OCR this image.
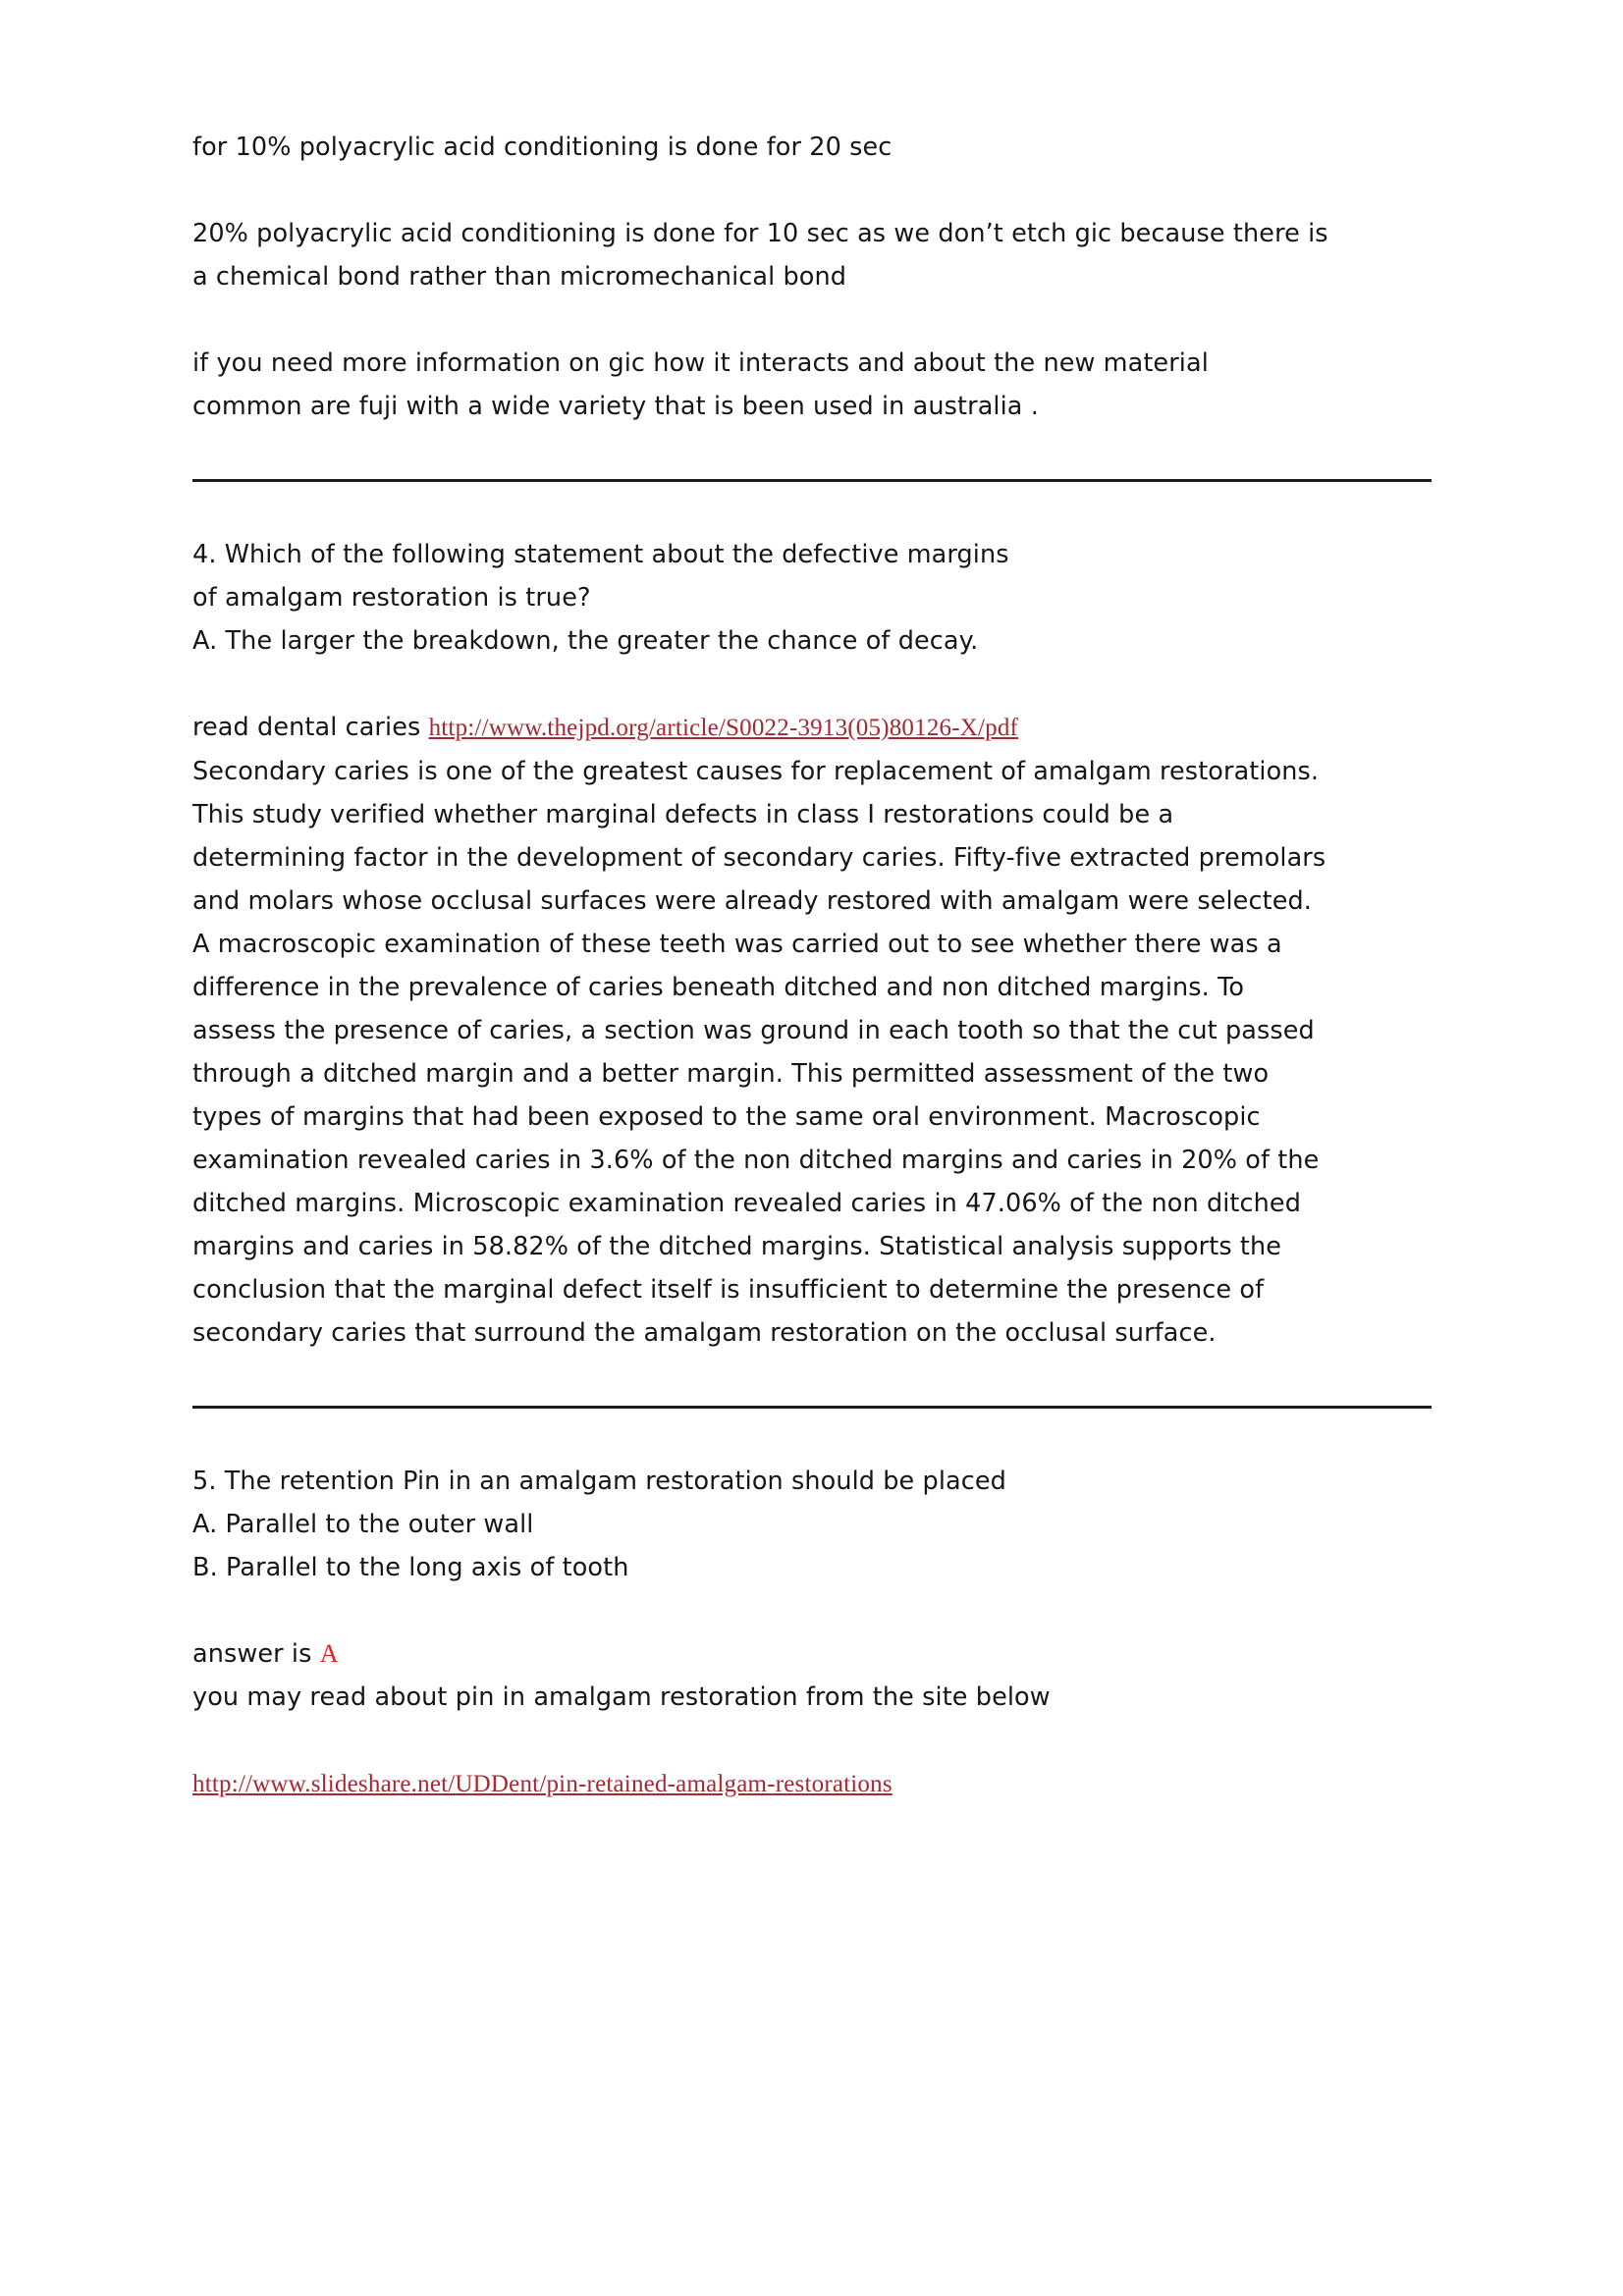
for 10% polyacrylic acid conditioning is done for 20 sec
20% polyacrylic acid conditioning is done for 10 sec as we don’t etch gic because there is
a chemical bond rather than micromechanical bond
if you need more information on gic how it interacts and about the new material
common are fuji with a wide variety that is been used in australia .
4. Which of the following statement about the defective margins
of amalgam restoration is true?
A. The larger the breakdown, the greater the chance of decay.
read dental caries http://www.thejpd.org/article/S0022-3913(05)80126-X/pdf
Secondary caries is one of the greatest causes for replacement of amalgam restorations.
This study verified whether marginal defects in class I restorations could be a
determining factor in the development of secondary caries. Fifty-five extracted premolars
and molars whose occlusal surfaces were already restored with amalgam were selected.
A macroscopic examination of these teeth was carried out to see whether there was a
difference in the prevalence of caries beneath ditched and non ditched margins. To
assess the presence of caries, a section was ground in each tooth so that the cut passed
through a ditched margin and a better margin. This permitted assessment of the two
types of margins that had been exposed to the same oral environment. Macroscopic
examination revealed caries in 3.6% of the non ditched margins and caries in 20% of the
ditched margins. Microscopic examination revealed caries in 47.06% of the non ditched
margins and caries in 58.82% of the ditched margins. Statistical analysis supports the
conclusion that the marginal defect itself is insufficient to determine the presence of
secondary caries that surround the amalgam restoration on the occlusal surface.
5. The retention Pin in an amalgam restoration should be placed
A. Parallel to the outer wall
B. Parallel to the long axis of tooth
answer is A
you may read about pin in amalgam restoration from the site below
http://www.slideshare.net/UDDent/pin-retained-amalgam-restorations
